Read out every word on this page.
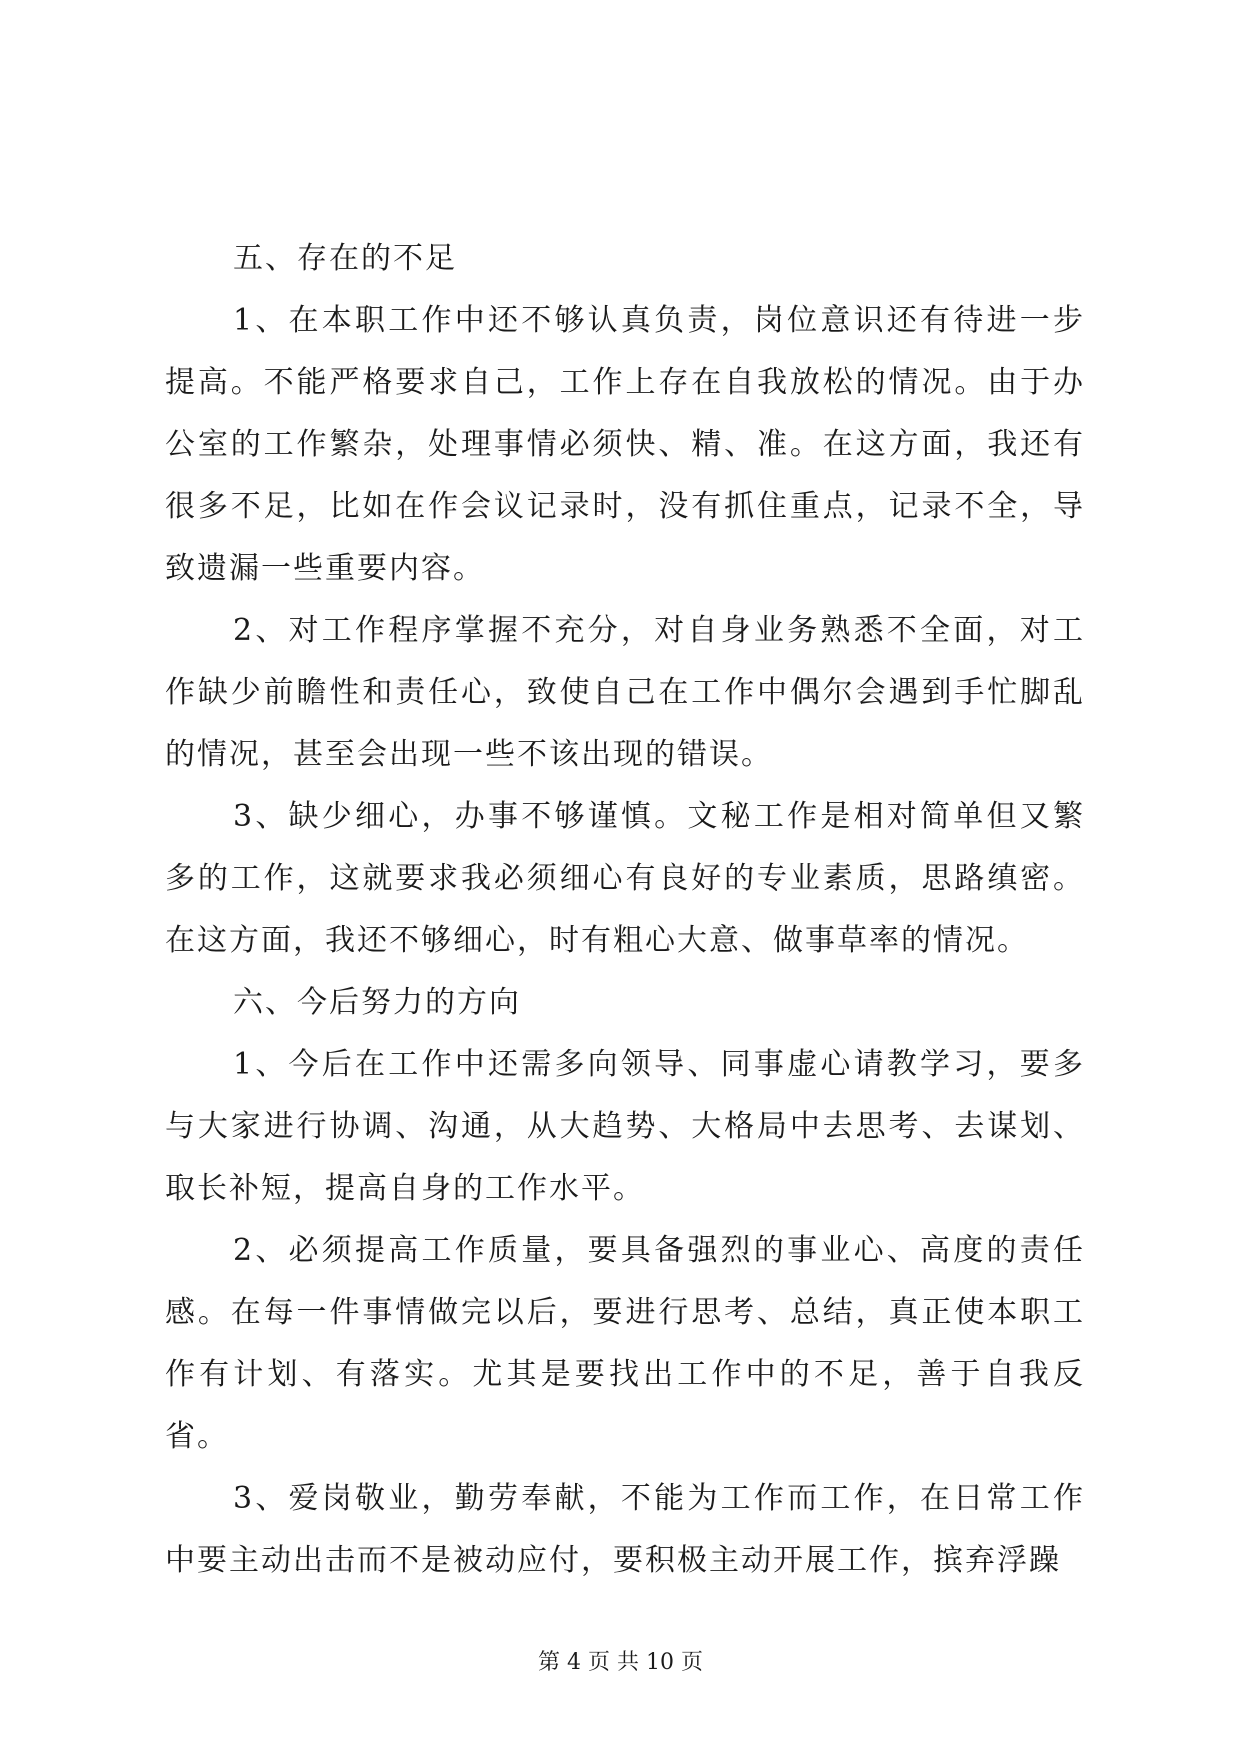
五、存在的不足

1、在本职工作中还不够认真负责，岗位意识还有待进一步提高。不能严格要求自己，工作上存在自我放松的情况。由于办公室的工作繁杂，处理事情必须快、精、准。在这方面，我还有很多不足，比如在作会议记录时，没有抓住重点，记录不全，导致遗漏一些重要内容。

2、对工作程序掌握不充分，对自身业务熟悉不全面，对工作缺少前瞻性和责任心，致使自己在工作中偶尔会遇到手忙脚乱的情况，甚至会出现一些不该出现的错误。

3、缺少细心，办事不够谨慎。文秘工作是相对简单但又繁多的工作，这就要求我必须细心有良好的专业素质，思路缜密。在这方面，我还不够细心，时有粗心大意、做事草率的情况。

六、今后努力的方向

1、今后在工作中还需多向领导、同事虚心请教学习，要多与大家进行协调、沟通，从大趋势、大格局中去思考、去谋划、取长补短，提高自身的工作水平。

2、必须提高工作质量，要具备强烈的事业心、高度的责任感。在每一件事情做完以后，要进行思考、总结，真正使本职工作有计划、有落实。尤其是要找出工作中的不足，善于自我反省。

3、爱岗敬业，勤劳奉献，不能为工作而工作，在日常工作中要主动出击而不是被动应付，要积极主动开展工作，摈弃浮躁

第 4 页 共 10 页
